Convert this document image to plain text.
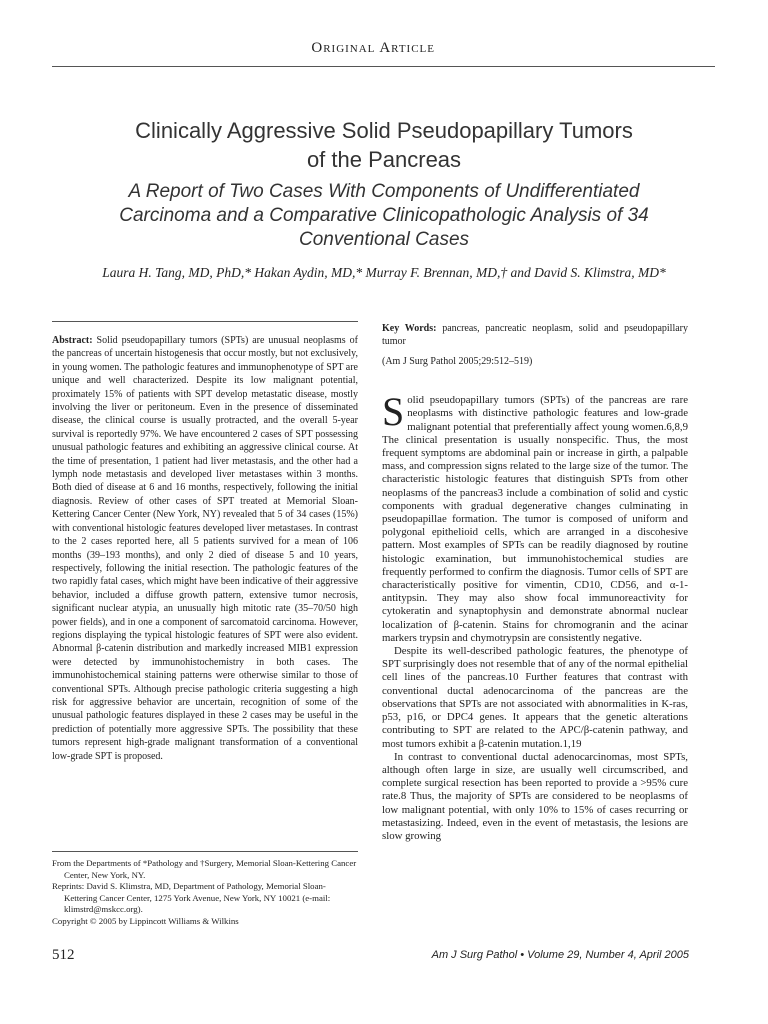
Original Article
Clinically Aggressive Solid Pseudopapillary Tumors of the Pancreas
A Report of Two Cases With Components of Undifferentiated Carcinoma and a Comparative Clinicopathologic Analysis of 34 Conventional Cases
Laura H. Tang, MD, PhD,* Hakan Aydin, MD,* Murray F. Brennan, MD,† and David S. Klimstra, MD*

Abstract: Solid pseudopapillary tumors (SPTs) are unusual neoplasms of the pancreas of uncertain histogenesis that occur mostly, but not exclusively, in young women. The pathologic features and immunophenotype of SPT are unique and well characterized. Despite its low malignant potential, proximately 15% of patients with SPT develop metastatic disease, mostly involving the liver or peritoneum. Even in the presence of disseminated disease, the clinical course is usually protracted, and the overall 5-year survival is reportedly 97%. We have encountered 2 cases of SPT possessing unusual pathologic features and exhibiting an aggressive clinical course. At the time of presentation, 1 patient had liver metastasis, and the other had a lymph node metastasis and developed liver metastases within 3 months. Both died of disease at 6 and 16 months, respectively, following the initial diagnosis. Review of other cases of SPT treated at Memorial Sloan-Kettering Cancer Center (New York, NY) revealed that 5 of 34 cases (15%) with conventional histologic features developed liver metastases. In contrast to the 2 cases reported here, all 5 patients survived for a mean of 106 months (39–193 months), and only 2 died of disease 5 and 10 years, respectively, following the initial resection. The pathologic features of the two rapidly fatal cases, which might have been indicative of their aggressive behavior, included a diffuse growth pattern, extensive tumor necrosis, significant nuclear atypia, an unusually high mitotic rate (35–70/50 high power fields), and in one a component of sarcomatoid carcinoma. However, regions displaying the typical histologic features of SPT were also evident. Abnormal β-catenin distribution and markedly increased MIB1 expression were detected by immunohistochemistry in both cases. The immunohistochemical staining patterns were otherwise similar to those of conventional SPTs. Although precise pathologic criteria suggesting a high risk for aggressive behavior are uncertain, recognition of some of the unusual pathologic features displayed in these 2 cases may be useful in the prediction of potentially more aggressive SPTs. The possibility that these tumors represent high-grade malignant transformation of a conventional low-grade SPT is proposed.

Key Words: pancreas, pancreatic neoplasm, solid and pseudopapillary tumor

(Am J Surg Pathol 2005;29:512–519)

Solid pseudopapillary tumors (SPTs) of the pancreas are rare neoplasms with distinctive pathologic features and low-grade malignant potential that preferentially affect young women.6,8,9 The clinical presentation is usually nonspecific. Thus, the most frequent symptoms are abdominal pain or increase in girth, a palpable mass, and compression signs related to the large size of the tumor. The characteristic histologic features that distinguish SPTs from other neoplasms of the pancreas3 include a combination of solid and cystic components with gradual degenerative changes culminating in pseudopapillae formation. The tumor is composed of uniform and polygonal epithelioid cells, which are arranged in a discohesive pattern. Most examples of SPTs can be readily diagnosed by routine histologic examination, but immunohistochemical studies are frequently performed to confirm the diagnosis. Tumor cells of SPT are characteristically positive for vimentin, CD10, CD56, and α-1-antitypsin. They may also show focal immunoreactivity for cytokeratin and synaptophysin and demonstrate abnormal nuclear localization of β-catenin. Stains for chromogranin and the acinar markers trypsin and chymotrypsin are consistently negative.

Despite its well-described pathologic features, the phenotype of SPT surprisingly does not resemble that of any of the normal epithelial cell lines of the pancreas.10 Further features that contrast with conventional ductal adenocarcinoma of the pancreas are the observations that SPTs are not associated with abnormalities in K-ras, p53, p16, or DPC4 genes. It appears that the genetic alterations contributing to SPT are related to the APC/β-catenin pathway, and most tumors exhibit a β-catenin mutation.1,19

In contrast to conventional ductal adenocarcinomas, most SPTs, although often large in size, are usually well circumscribed, and complete surgical resection has been reported to provide a >95% cure rate.8 Thus, the majority of SPTs are considered to be neoplasms of low malignant potential, with only 10% to 15% of cases recurring or metastasizing. Indeed, even in the event of metastasis, the lesions are slow growing

From the Departments of *Pathology and †Surgery, Memorial Sloan-Kettering Cancer Center, New York, NY.

Reprints: David S. Klimstra, MD, Department of Pathology, Memorial Sloan-Kettering Cancer Center, 1275 York Avenue, New York, NY 10021 (e-mail: klimstrd@mskcc.org).

Copyright © 2005 by Lippincott Williams & Wilkins

512	Am J Surg Pathol • Volume 29, Number 4, April 2005
